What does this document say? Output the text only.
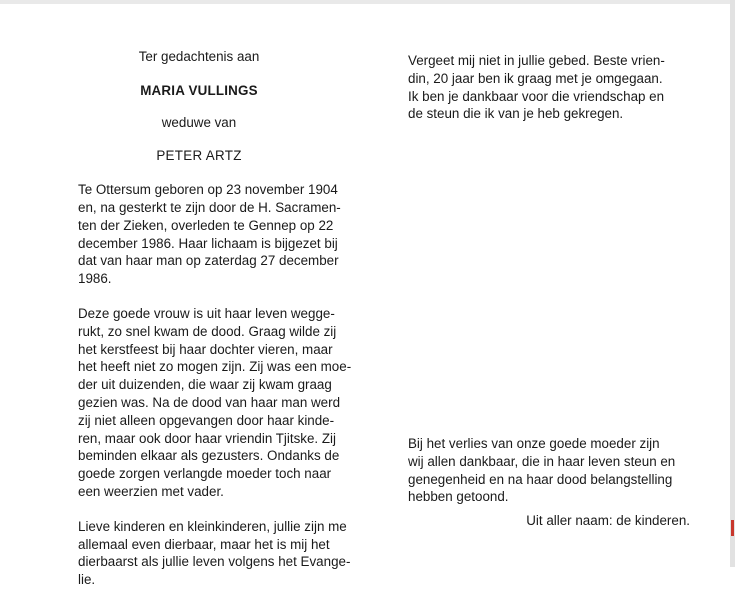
Ter gedachtenis aan
MARIA VULLINGS
weduwe van
PETER ARTZ
Te Ottersum geboren op 23 november 1904
en, na gesterkt te zijn door de H. Sacramen-
ten der Zieken, overleden te Gennep op 22
december 1986. Haar lichaam is bijgezet bij
dat van haar man op zaterdag 27 december
1986.
Deze goede vrouw is uit haar leven wegge-
rukt, zo snel kwam de dood. Graag wilde zij
het kerstfeest bij haar dochter vieren, maar
het heeft niet zo mogen zijn. Zij was een moe-
der uit duizenden, die waar zij kwam graag
gezien was. Na de dood van haar man werd
zij niet alleen opgevangen door haar kinde-
ren, maar ook door haar vriendin Tjitske. Zij
beminden elkaar als gezusters. Ondanks de
goede zorgen verlangde moeder toch naar
een weerzien met vader.
Lieve kinderen en kleinkinderen, jullie zijn me
allemaal even dierbaar, maar het is mij het
dierbaarst als jullie leven volgens het Evange-
lie.
Vergeet mij niet in jullie gebed. Beste vrien-
din, 20 jaar ben ik graag met je omgegaan.
Ik ben je dankbaar voor die vriendschap en
de steun die ik van je heb gekregen.
Bij het verlies van onze goede moeder zijn
wij allen dankbaar, die in haar leven steun en
genegenheid en na haar dood belangstelling
hebben getoond.
Uit aller naam: de kinderen.
